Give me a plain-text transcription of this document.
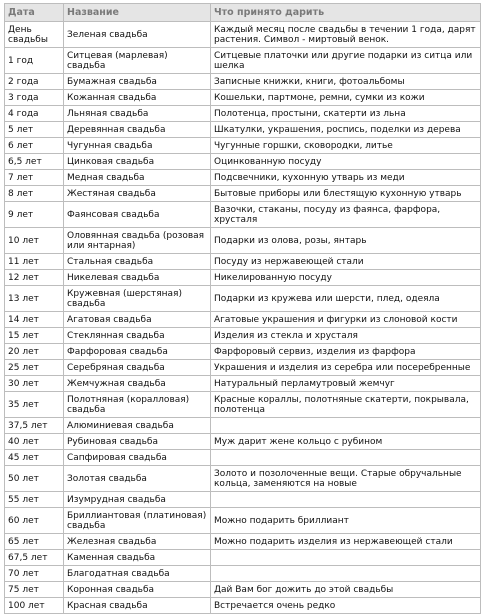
Дата	Название	Что принято дарить
День свадьбы	Зеленая свадьба	Каждый месяц после свадьбы в течении 1 года, дарят растения. Символ - миртовый венок.
1 год	Ситцевая (марлевая) свадьба	Ситцевые платочки или другие подарки из ситца или шелка
2 года	Бумажная свадьба	Записные книжки, книги, фотоальбомы
3 года	Кожанная свадьба	Кошельки, партмоне, ремни, сумки из кожи
4 года	Льняная свадьба	Полотенца, простыни, скатерти из льна
5 лет	Деревянная свадьба	Шкатулки, украшения, роспись, поделки из дерева
6 лет	Чугунная свадьба	Чугунные горшки, сковородки, литье
6,5 лет	Цинковая свадьба	Оцинкованную посуду
7 лет	Медная свадьба	Подсвечники, кухонную утварь из меди
8 лет	Жестяная свадьба	Бытовые приборы или блестящую кухонную утварь
9 лет	Фаянсовая свадьба	Вазочки, стаканы, посуду из фаянса, фарфора, хрусталя
10 лет	Оловянная свадьба (розовая или янтарная)	Подарки из олова, розы, янтарь
11 лет	Стальная свадьба	Посуду из нержавеющей стали
12 лет	Никелевая свадьба	Никелированную посуду
13 лет	Кружевная (шерстяная) свадьба	Подарки из кружева или шерсти, плед, одеяла
14 лет	Агатовая свадьба	Агатовые украшения и фигурки из слоновой кости
15 лет	Стеклянная свадьба	Изделия из стекла и хрусталя
20 лет	Фарфоровая свадьба	Фарфоровый сервиз, изделия из фарфора
25 лет	Серебряная свадьба	Украшения и изделия из серебра или посеребренные
30 лет	Жемчужная свадьба	Натуральный перламутровый жемчуг
35 лет	Полотняная (коралловая) свадьба	Красные кораллы, полотняные скатерти, покрывала, полотенца
37,5 лет	Алюминиевая свадьба	
40 лет	Рубиновая свадьба	Муж дарит жене кольцо с рубином
45 лет	Сапфировая свадьба	
50 лет	Золотая свадьба	Золото и позолоченные вещи. Старые обручальные кольца, заменяются на новые
55 лет	Изумрудная свадьба	
60 лет	Бриллиантовая (платиновая) свадьба	Можно подарить бриллиант
65 лет	Железная свадьба	Можно подарить изделия из нержавеющей стали
67,5 лет	Каменная свадьба	
70 лет	Благодатная свадьба	
75 лет	Коронная свадьба	Дай Вам бог дожить до этой свадьбы
100 лет	Красная свадьба	Встречается очень редко
